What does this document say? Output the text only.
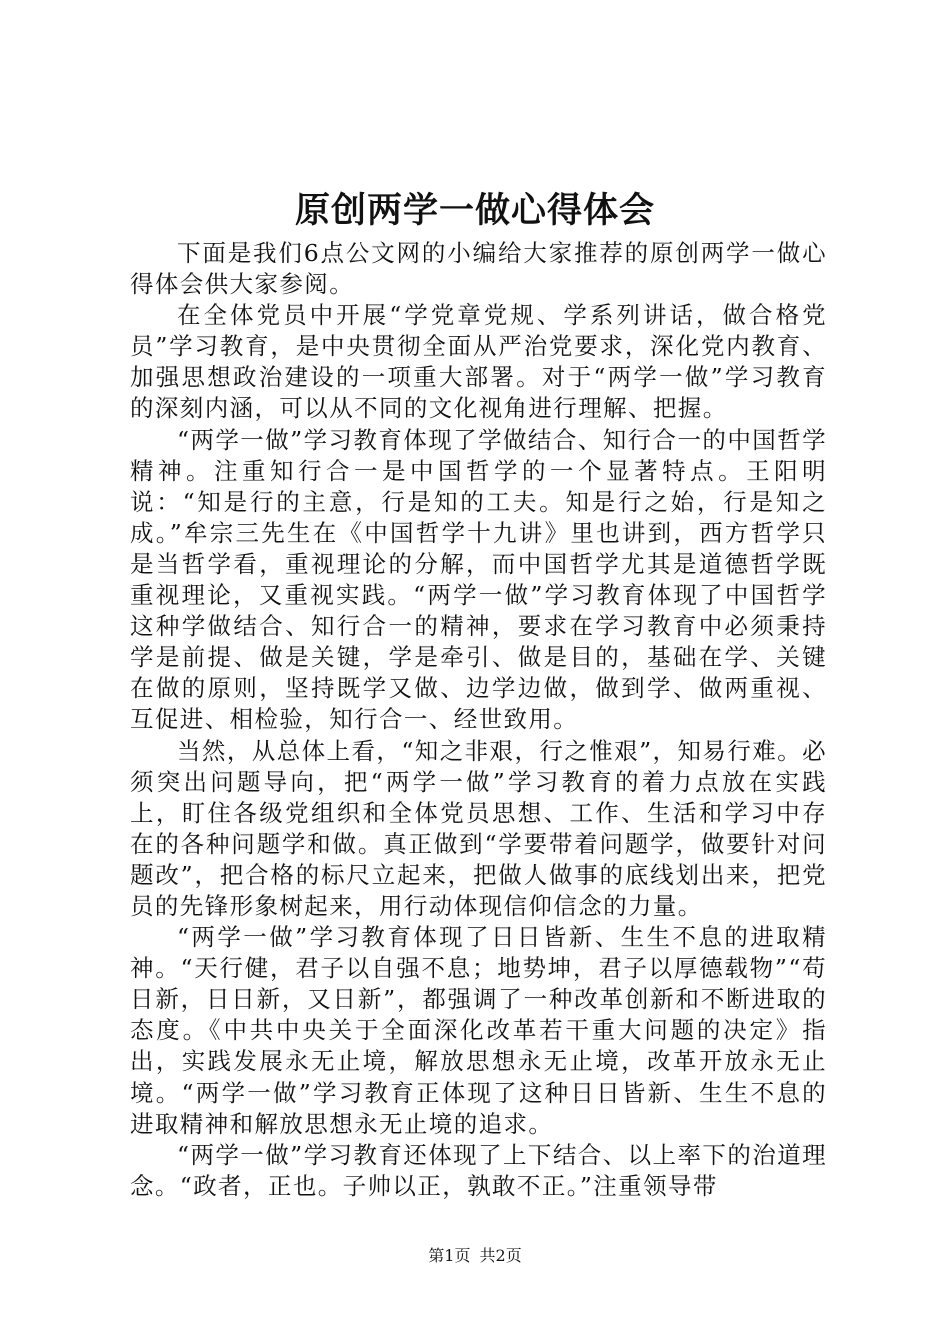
原创两学一做心得体会

下面是我们6点公文网的小编给大家推荐的原创两学一做心得体会供大家参阅。

在全体党员中开展“学党章党规、学系列讲话，做合格党员”学习教育，是中央贯彻全面从严治党要求，深化党内教育、加强思想政治建设的一项重大部署。对于“两学一做”学习教育的深刻内涵，可以从不同的文化视角进行理解、把握。

“两学一做”学习教育体现了学做结合、知行合一的中国哲学精神。注重知行合一是中国哲学的一个显著特点。王阳明说：“知是行的主意，行是知的工夫。知是行之始，行是知之成。”牟宗三先生在《中国哲学十九讲》里也讲到，西方哲学只是当哲学看，重视理论的分解，而中国哲学尤其是道德哲学既重视理论，又重视实践。“两学一做”学习教育体现了中国哲学这种学做结合、知行合一的精神，要求在学习教育中必须秉持学是前提、做是关键，学是牵引、做是目的，基础在学、关键在做的原则，坚持既学又做、边学边做，做到学、做两重视、互促进、相检验，知行合一、经世致用。

当然，从总体上看，“知之非艰，行之惟艰”，知易行难。必须突出问题导向，把“两学一做”学习教育的着力点放在实践上，盯住各级党组织和全体党员思想、工作、生活和学习中存在的各种问题学和做。真正做到“学要带着问题学，做要针对问题改”，把合格的标尺立起来，把做人做事的底线划出来，把党员的先锋形象树起来，用行动体现信仰信念的力量。

“两学一做”学习教育体现了日日皆新、生生不息的进取精神。“天行健，君子以自强不息；地势坤，君子以厚德载物”“苟日新，日日新，又日新”，都强调了一种改革创新和不断进取的态度。《中共中央关于全面深化改革若干重大问题的决定》指出，实践发展永无止境，解放思想永无止境，改革开放永无止境。“两学一做”学习教育正体现了这种日日皆新、生生不息的进取精神和解放思想永无止境的追求。

“两学一做”学习教育还体现了上下结合、以上率下的治道理念。“政者，正也。子帅以正，孰敢不正。”注重领导带

第1页 共2页
